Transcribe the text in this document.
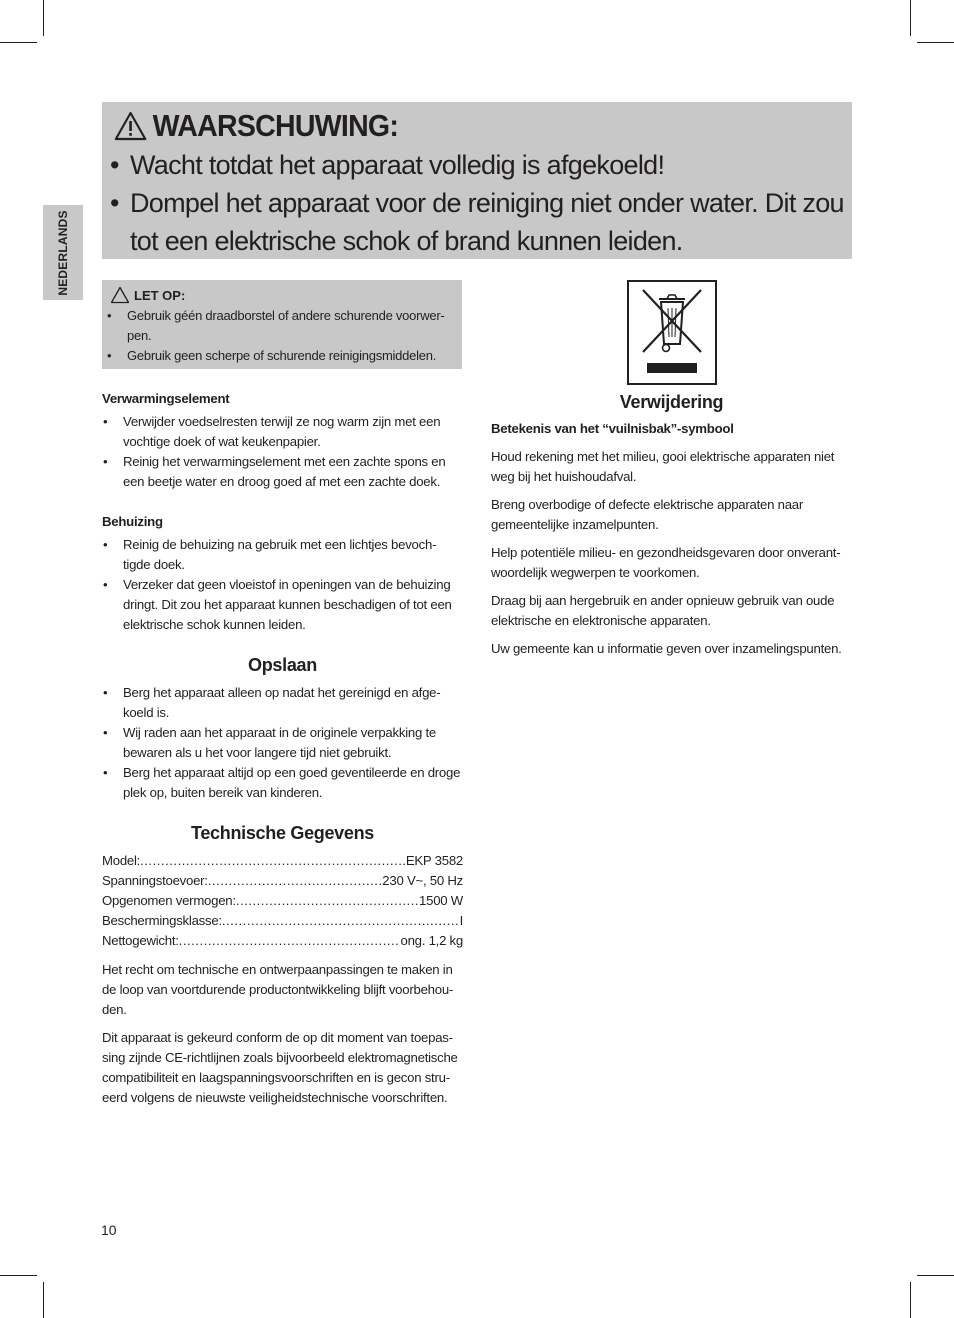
NEDERLANDS
WAARSCHUWING:
• Wacht totdat het apparaat volledig is afgekoeld!
• Dompel het apparaat voor de reiniging niet onder water. Dit zou tot een elektrische schok of brand kunnen leiden.
LET OP:
• Gebruik géén draadborstel of andere schurende voorwer-pen.
• Gebruik geen scherpe of schurende reinigingsmiddelen.

Verwarmingselement

• Verwijder voedselresten terwijl ze nog warm zijn met een vochtige doek of wat keukenpapier.
• Reinig het verwarmingselement met een zachte spons en een beetje water en droog goed af met een zachte doek.

Behuizing

• Reinig de behuizing na gebruik met een lichtjes bevoch-tigde doek.
• Verzeker dat geen vloeistof in openingen van de behuizing dringt. Dit zou het apparaat kunnen beschadigen of tot een elektrische schok kunnen leiden.

Opslaan

• Berg het apparaat alleen op nadat het gereinigd en afge-koeld is.
• Wij raden aan het apparaat in de originele verpakking te bewaren als u het voor langere tijd niet gebruikt.
• Berg het apparaat altijd op een goed geventileerde en droge plek op, buiten bereik van kinderen.

Technische Gegevens

Model: .....	EKP 3582
Spanningstoevoer: .....	230 V~, 50 Hz
Opgenomen vermogen: .....	1500 W
Beschermingsklasse: .....	I
Nettogewicht: .....	ong. 1,2 kg

Het recht om technische en ontwerpaanpassingen te maken in de loop van voortdurende productontwikkeling blijft voorbehou-den.

Dit apparaat is gekeurd conform de op dit moment van toepas-sing zijnde CE-richtlijnen zoals bijvoorbeeld elektromagnetische compatibiliteit en laagspanningsvoorschriften en is gecon stru-eerd volgens de nieuwste veiligheidstechnische voorschriften.

Verwijdering

Betekenis van het “vuilnisbak”-symbool

Houd rekening met het milieu, gooi elektrische apparaten niet weg bij het huishoudafval.

Breng overbodige of defecte elektrische apparaten naar gemeentelijke inzamelpunten.

Help potentiële milieu- en gezondheidsgevaren door onverant-woordelijk wegwerpen te voorkomen.

Draag bij aan hergebruik en ander opnieuw gebruik van oude elektrische en elektronische apparaten.

Uw gemeente kan u informatie geven over inzamelingspunten.

10
